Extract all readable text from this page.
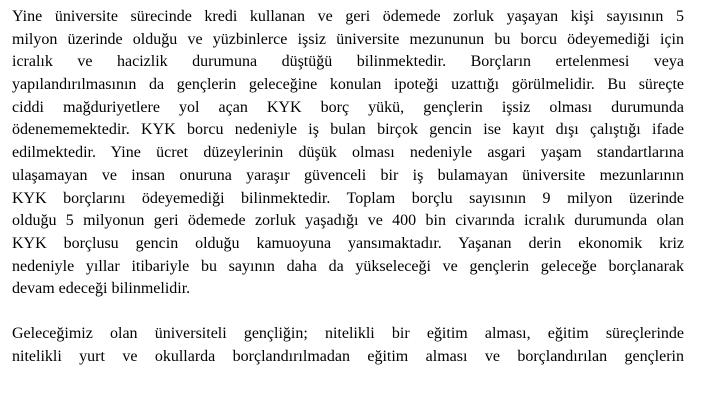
Yine üniversite sürecinde kredi kullanan ve geri ödemede zorluk yaşayan kişi sayısının 5
milyon üzerinde olduğu ve yüzbinlerce işsiz üniversite mezununun bu borcu ödeyemediği için
icralık ve hacizlik durumuna düştüğü bilinmektedir. Borçların ertelenmesi veya
yapılandırılmasının da gençlerin geleceğine konulan ipoteği uzattığı görülmelidir. Bu süreçte
ciddi mağduriyetlere yol açan KYK borç yükü, gençlerin işsiz olması durumunda
ödenememektedir. KYK borcu nedeniyle iş bulan birçok gencin ise kayıt dışı çalıştığı ifade
edilmektedir. Yine ücret düzeylerinin düşük olması nedeniyle asgari yaşam standartlarına
ulaşamayan ve insan onuruna yaraşır güvenceli bir iş bulamayan üniversite mezunlarının
KYK borçlarını ödeyemediği bilinmektedir. Toplam borçlu sayısının 9 milyon üzerinde
olduğu 5 milyonun geri ödemede zorluk yaşadığı ve 400 bin civarında icralık durumunda olan
KYK borçlusu gencin olduğu kamuoyuna yansımaktadır. Yaşanan derin ekonomik kriz
nedeniyle yıllar itibariyle bu sayının daha da yükseleceği ve gençlerin geleceğe borçlanarak
devam edeceği bilinmelidir.
Geleceğimiz olan üniversiteli gençliğin; nitelikli bir eğitim alması, eğitim süreçlerinde
nitelikli yurt ve okullarda borçlandırılmadan eğitim alması ve borçlandırılan gençlerin
